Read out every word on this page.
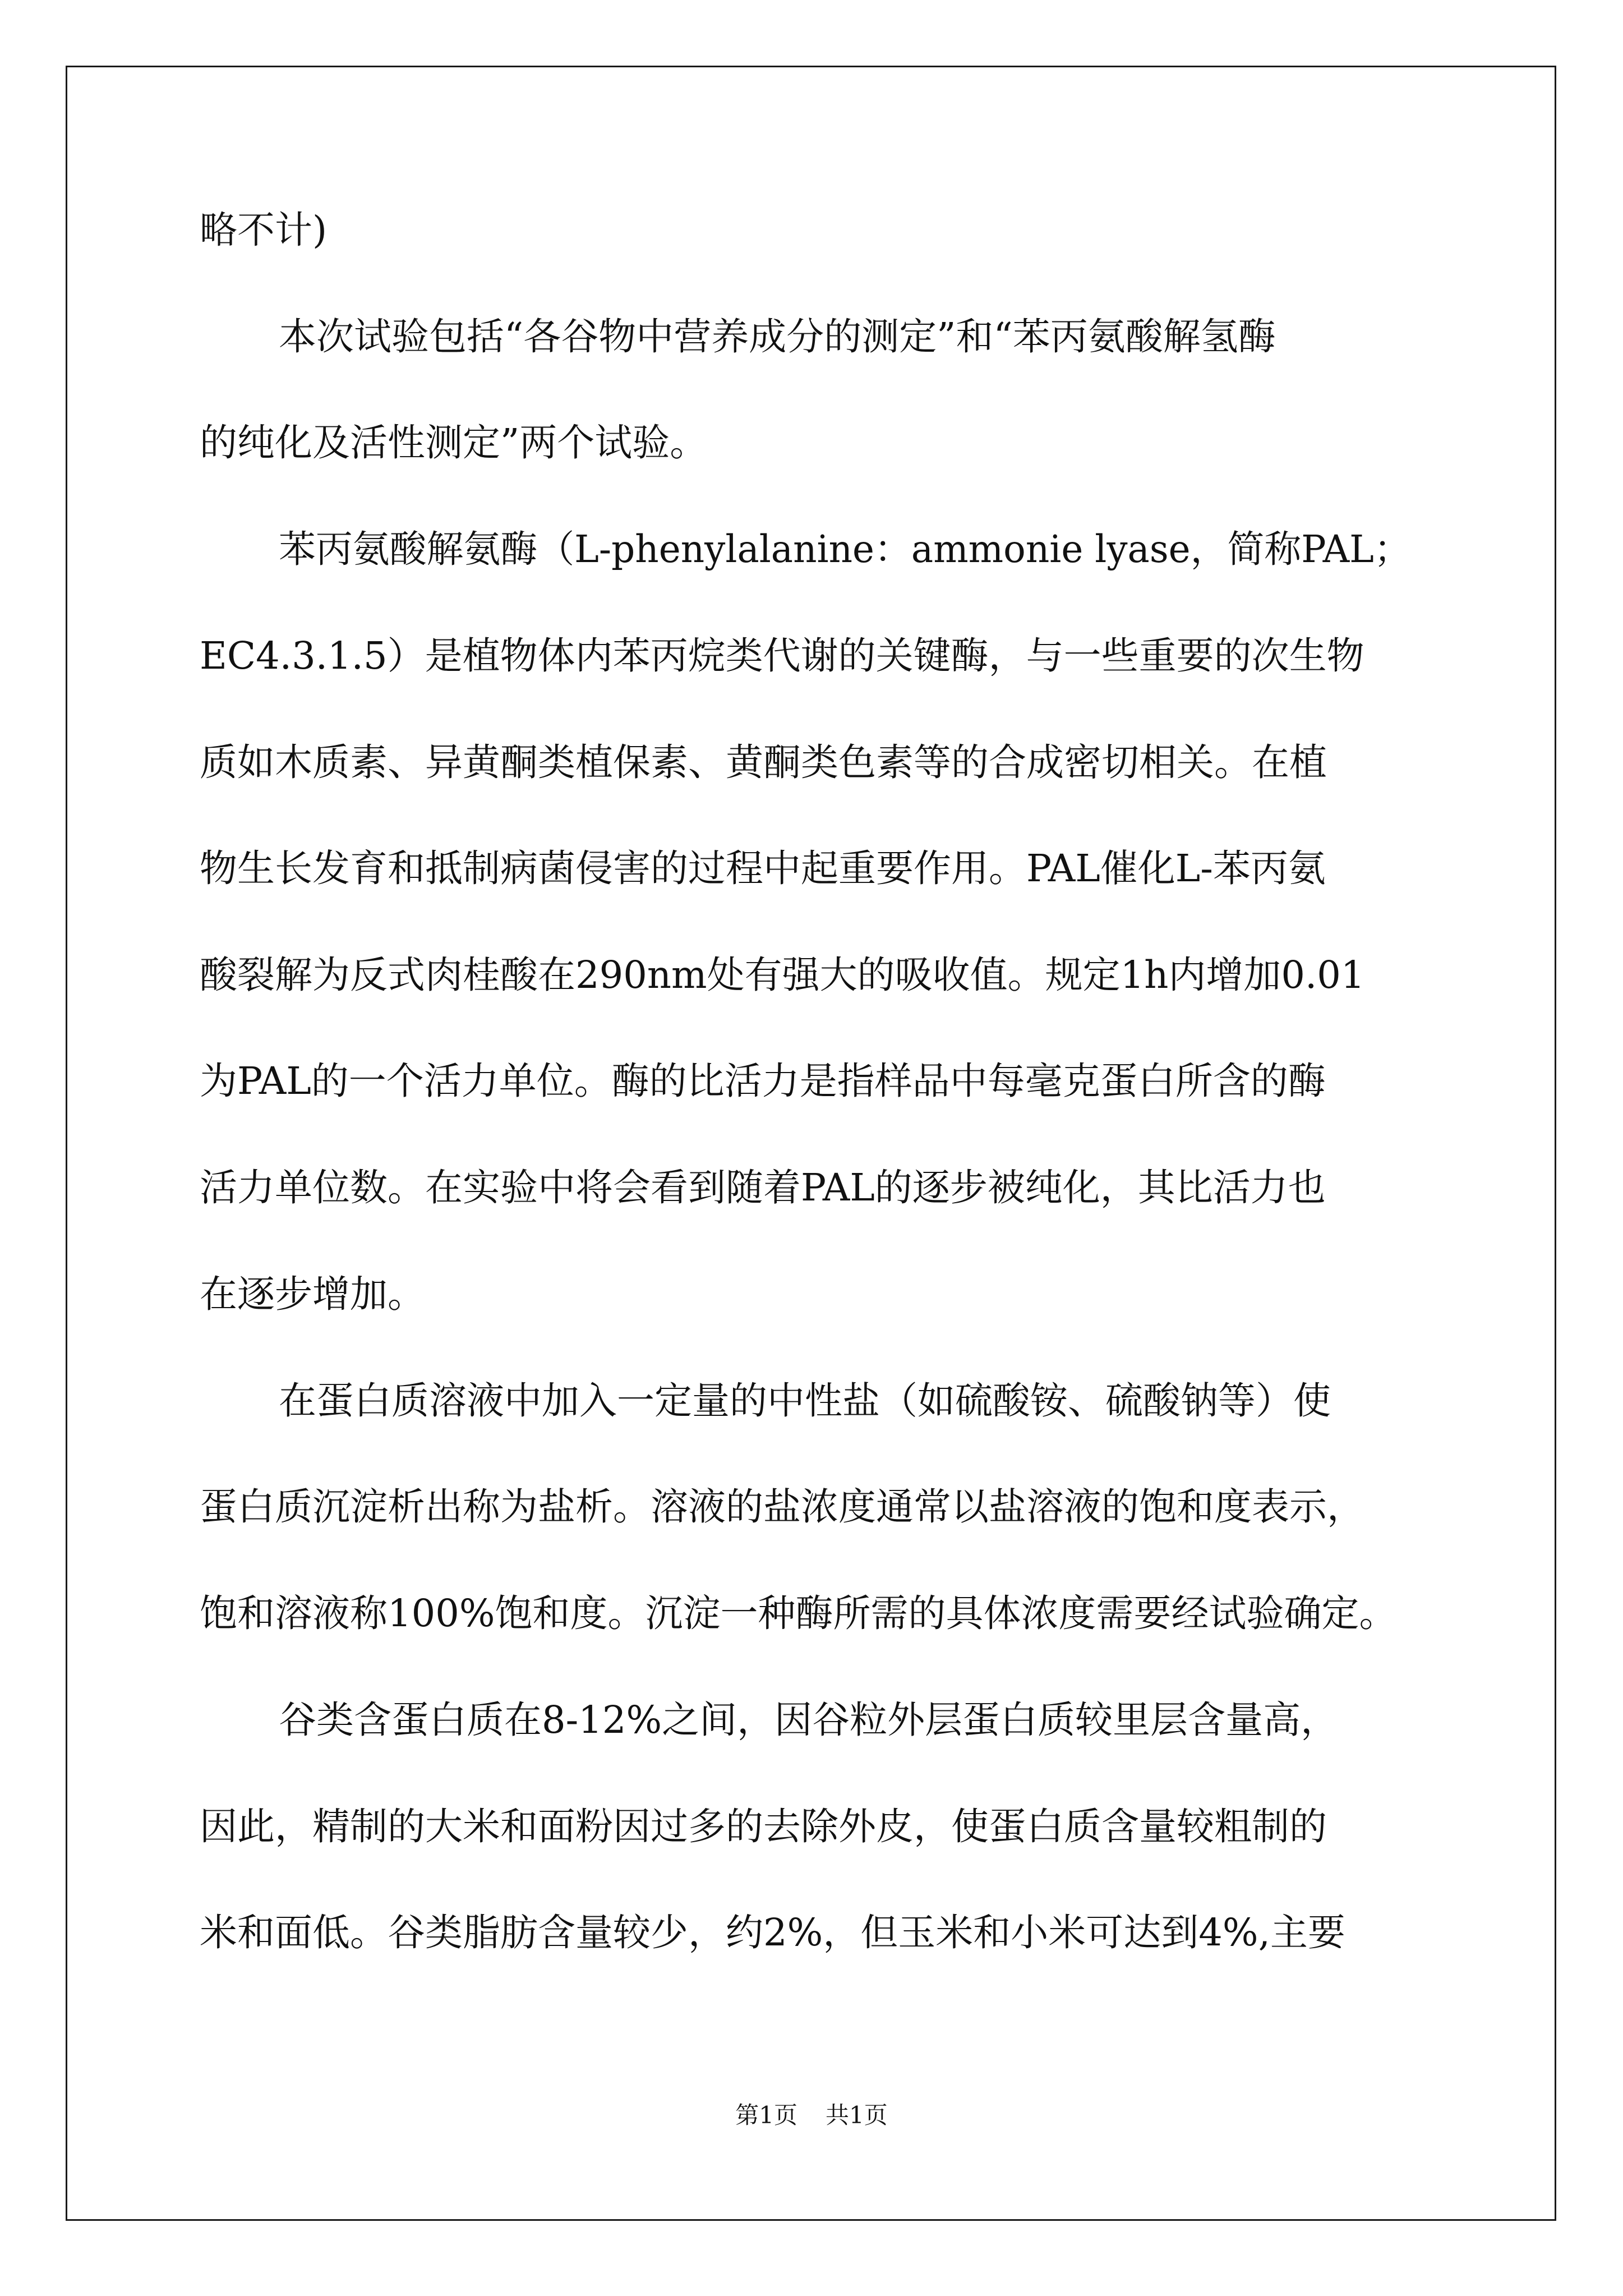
略不计)

本次试验包括“各谷物中营养成分的测定”和“苯丙氨酸解氢酶

的纯化及活性测定”两个试验。

苯丙氨酸解氨酶（L-phenylalanine：ammonie lyase，简称PAL；

EC4.3.1.5）是植物体内苯丙烷类代谢的关键酶，与一些重要的次生物

质如木质素、异黄酮类植保素、黄酮类色素等的合成密切相关。在植

物生长发育和抵制病菌侵害的过程中起重要作用。PAL催化L-苯丙氨

酸裂解为反式肉桂酸在290nm处有强大的吸收值。规定1h内增加0.01

为PAL的一个活力单位。酶的比活力是指样品中每毫克蛋白所含的酶

活力单位数。在实验中将会看到随着PAL的逐步被纯化，其比活力也

在逐步增加。

在蛋白质溶液中加入一定量的中性盐（如硫酸铵、硫酸钠等）使

蛋白质沉淀析出称为盐析。溶液的盐浓度通常以盐溶液的饱和度表示，

饱和溶液称100%饱和度。沉淀一种酶所需的具体浓度需要经试验确定。

谷类含蛋白质在8-12%之间，因谷粒外层蛋白质较里层含量高，

因此，精制的大米和面粉因过多的去除外皮，使蛋白质含量较粗制的

米和面低。谷类脂肪含量较少，约2%，但玉米和小米可达到4%,主要

第1页 共1页
